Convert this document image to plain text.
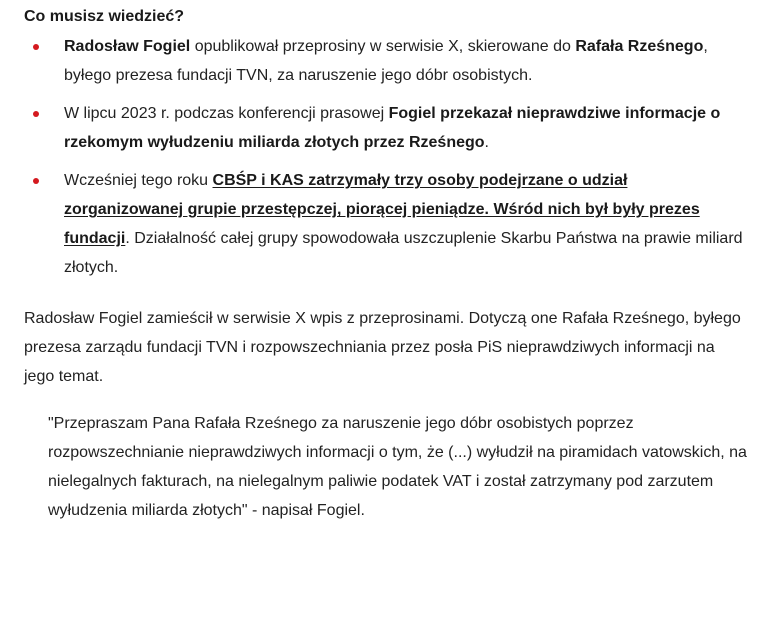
Co musisz wiedzieć?
Radosław Fogiel opublikował przeprosiny w serwisie X, skierowane do Rafała Rześnego, byłego prezesa fundacji TVN, za naruszenie jego dóbr osobistych.
W lipcu 2023 r. podczas konferencji prasowej Fogiel przekazał nieprawdziwe informacje o rzekomym wyłudzeniu miliarda złotych przez Rześnego.
Wcześniej tego roku CBŚP i KAS zatrzymały trzy osoby podejrzane o udział zorganizowanej grupie przestępczej, piorącej pieniądze. Wśród nich był były prezes fundacji. Działalność całej grupy spowodowała uszczuplenie Skarbu Państwa na prawie miliard złotych.

Radosław Fogiel zamieścił w serwisie X wpis z przeprosinami. Dotyczą one Rafała Rześnego, byłego prezesa zarządu fundacji TVN i rozpowszechniania przez posła PiS nieprawdziwych informacji na jego temat.

"Przepraszam Pana Rafała Rześnego za naruszenie jego dóbr osobistych poprzez rozpowszechnianie nieprawdziwych informacji o tym, że (...) wyłudził na piramidach vatowskich, na nielegalnych fakturach, na nielegalnym paliwie podatek VAT i został zatrzymany pod zarzutem wyłudzenia miliarda złotych" - napisał Fogiel.
